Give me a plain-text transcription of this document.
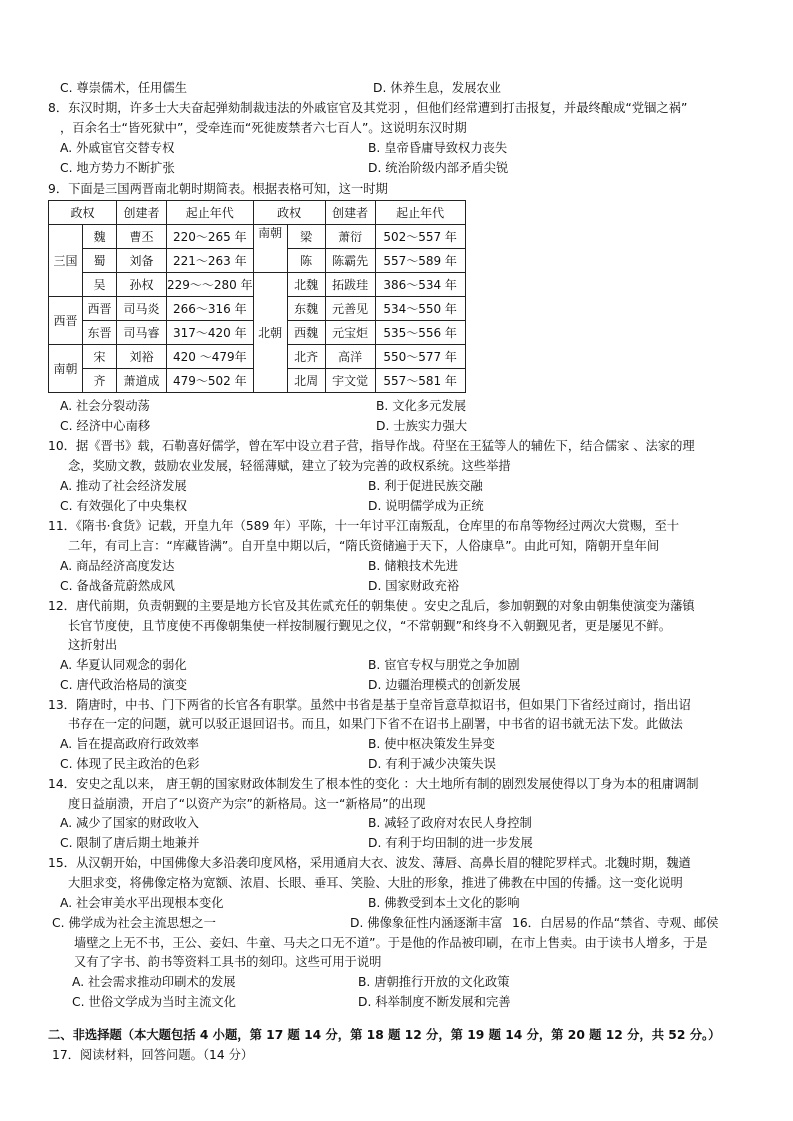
C. 尊崇儒术，任用儒生	D. 休养生息，发展农业
8．东汉时期，许多士大夫奋起弹劾制裁违法的外戚宦官及其党羽 ，但他们经常遭到打击报复，并最终酿成“党锢之祸”
，百余名士“皆死狱中”，受牵连而“死徙废禁者六七百人”。这说明东汉时期
A. 外戚宦官交替专权	B. 皇帝昏庸导致权力丧失
C. 地方势力不断扩张	D. 统治阶级内部矛盾尖锐
9．下面是三国两晋南北朝时期简表。根据表格可知，这一时期
政权		创建者	起止年代	政权		创建者	起止年代
三国	魏	曹丕	220～265 年	南朝	梁	萧衍	502～557 年
	蜀	刘备	221～263 年		陈	陈霸先	557～589 年
	吴	孙权	229～～280 年	北朝	北魏	拓跋珪	386～534 年
西晋	西晋	司马炎	266～316 年		东魏	元善见	534～550 年
	东晋	司马睿	317～420 年		西魏	元宝炬	535～556 年
南朝	宋	刘裕	420 ～479年		北齐	高洋	550～577 年
	齐	萧道成	479～502 年		北周	宇文觉	557～581 年
A. 社会分裂动荡	B. 文化多元发展
C. 经济中心南移	D. 士族实力强大
10．据《晋书》载，石勒喜好儒学，曾在军中设立君子营，指导作战。苻坚在王猛等人的辅佐下，结合儒家 、法家的理
念，奖励文教，鼓励农业发展，轻徭薄赋，建立了较为完善的政权系统。这些举措
A. 推动了社会经济发展	B. 利于促进民族交融
C. 有效强化了中央集权	D. 说明儒学成为正统
11．《隋书·食货》记载，开皇九年（589 年）平陈，十一年讨平江南叛乱，仓库里的布帛等物经过两次大赏赐，至十
二年，有司上言：“库藏皆满”。自开皇中期以后，“隋氏资储遍于天下，人俗康阜”。由此可知，隋朝开皇年间
A. 商品经济高度发达	B. 储粮技术先进
C. 备战备荒蔚然成风	D. 国家财政充裕
12．唐代前期，负责朝觐的主要是地方长官及其佐贰充任的朝集使 。安史之乱后，参加朝觐的对象由朝集使演变为藩镇
长官节度使，且节度使不再像朝集使一样按制履行觐见之仪，“不常朝觐”和终身不入朝觐见者，更是屡见不鲜。
这折射出
A. 华夏认同观念的弱化	B. 宦官专权与朋党之争加剧
C. 唐代政治格局的演变	D. 边疆治理模式的创新发展
13．隋唐时，中书、门下两省的长官各有职掌。虽然中书省是基于皇帝旨意草拟诏书，但如果门下省经过商讨，指出诏
书存在一定的问题，就可以驳正退回诏书。而且，如果门下省不在诏书上副署，中书省的诏书就无法下发。此做法
A. 旨在提高政府行政效率	B. 使中枢决策发生异变
C. 体现了民主政治的色彩	D. 有利于减少决策失误
14．安史之乱以来， 唐王朝的国家财政体制发生了根本性的变化 ：大土地所有制的剧烈发展使得以丁身为本的租庸调制
度日益崩溃，开启了“以资产为宗”的新格局。这一“新格局”的出现
A. 减少了国家的财政收入	B. 减轻了政府对农民人身控制
C. 限制了唐后期土地兼并	D. 有利于均田制的进一步发展
15．从汉朝开始，中国佛像大多沿袭印度风格，采用通肩大衣、波发、薄唇、高鼻长眉的犍陀罗样式。北魏时期，魏遒
大胆求变，将佛像定格为宽额、浓眉、长眼、垂耳、笑脸、大肚的形象，推进了佛教在中国的传播。这一变化说明
A. 社会审美水平出现根本变化	B. 佛教受到本土文化的影响
C. 佛学成为社会主流思想之一	D. 佛像象征性内涵逐渐丰富 16．白居易的作品“禁省、寺观、邮侯
墙壁之上无不书，王公、妾妇、牛童、马夫之口无不道”。于是他的作品被印刷，在市上售卖。由于读书人增多，于是
又有了字书、韵书等资料工具书的刻印。这些可用于说明
A. 社会需求推动印刷术的发展	B. 唐朝推行开放的文化政策
C. 世俗文学成为当时主流文化	D. 科举制度不断发展和完善
二、非选择题（本大题包括 4 小题，第 17 题 14 分，第 18 题 12 分，第 19 题 14 分，第 20 题 12 分，共 52 分。）
17．阅读材料，回答问题。（14 分）
